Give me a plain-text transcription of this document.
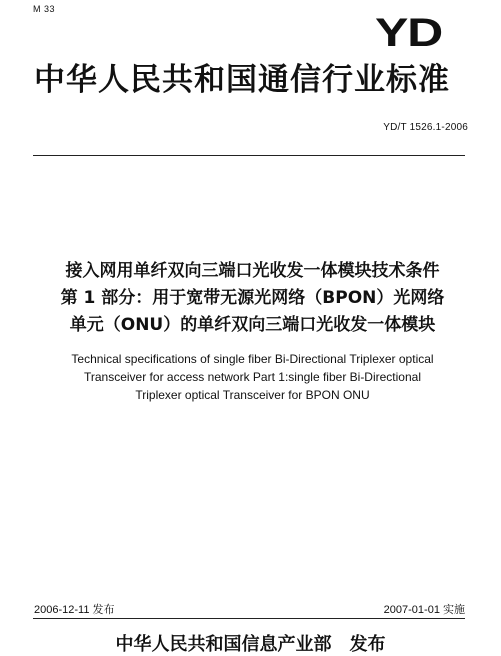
M 33
YD
中华人民共和国通信行业标准
YD/T 1526.1-2006
接入网用单纤双向三端口光收发一体模块技术条件
第 1 部分：用于宽带无源光网络（BPON）光网络
单元（ONU）的单纤双向三端口光收发一体模块
Technical specifications of single fiber Bi-Directional Triplexer optical
Transceiver for access network Part 1:single fiber Bi-Directional
Triplexer optical Transceiver for BPON ONU
2006-12-11 发布	2007-01-01 实施
中华人民共和国信息产业部　发布
